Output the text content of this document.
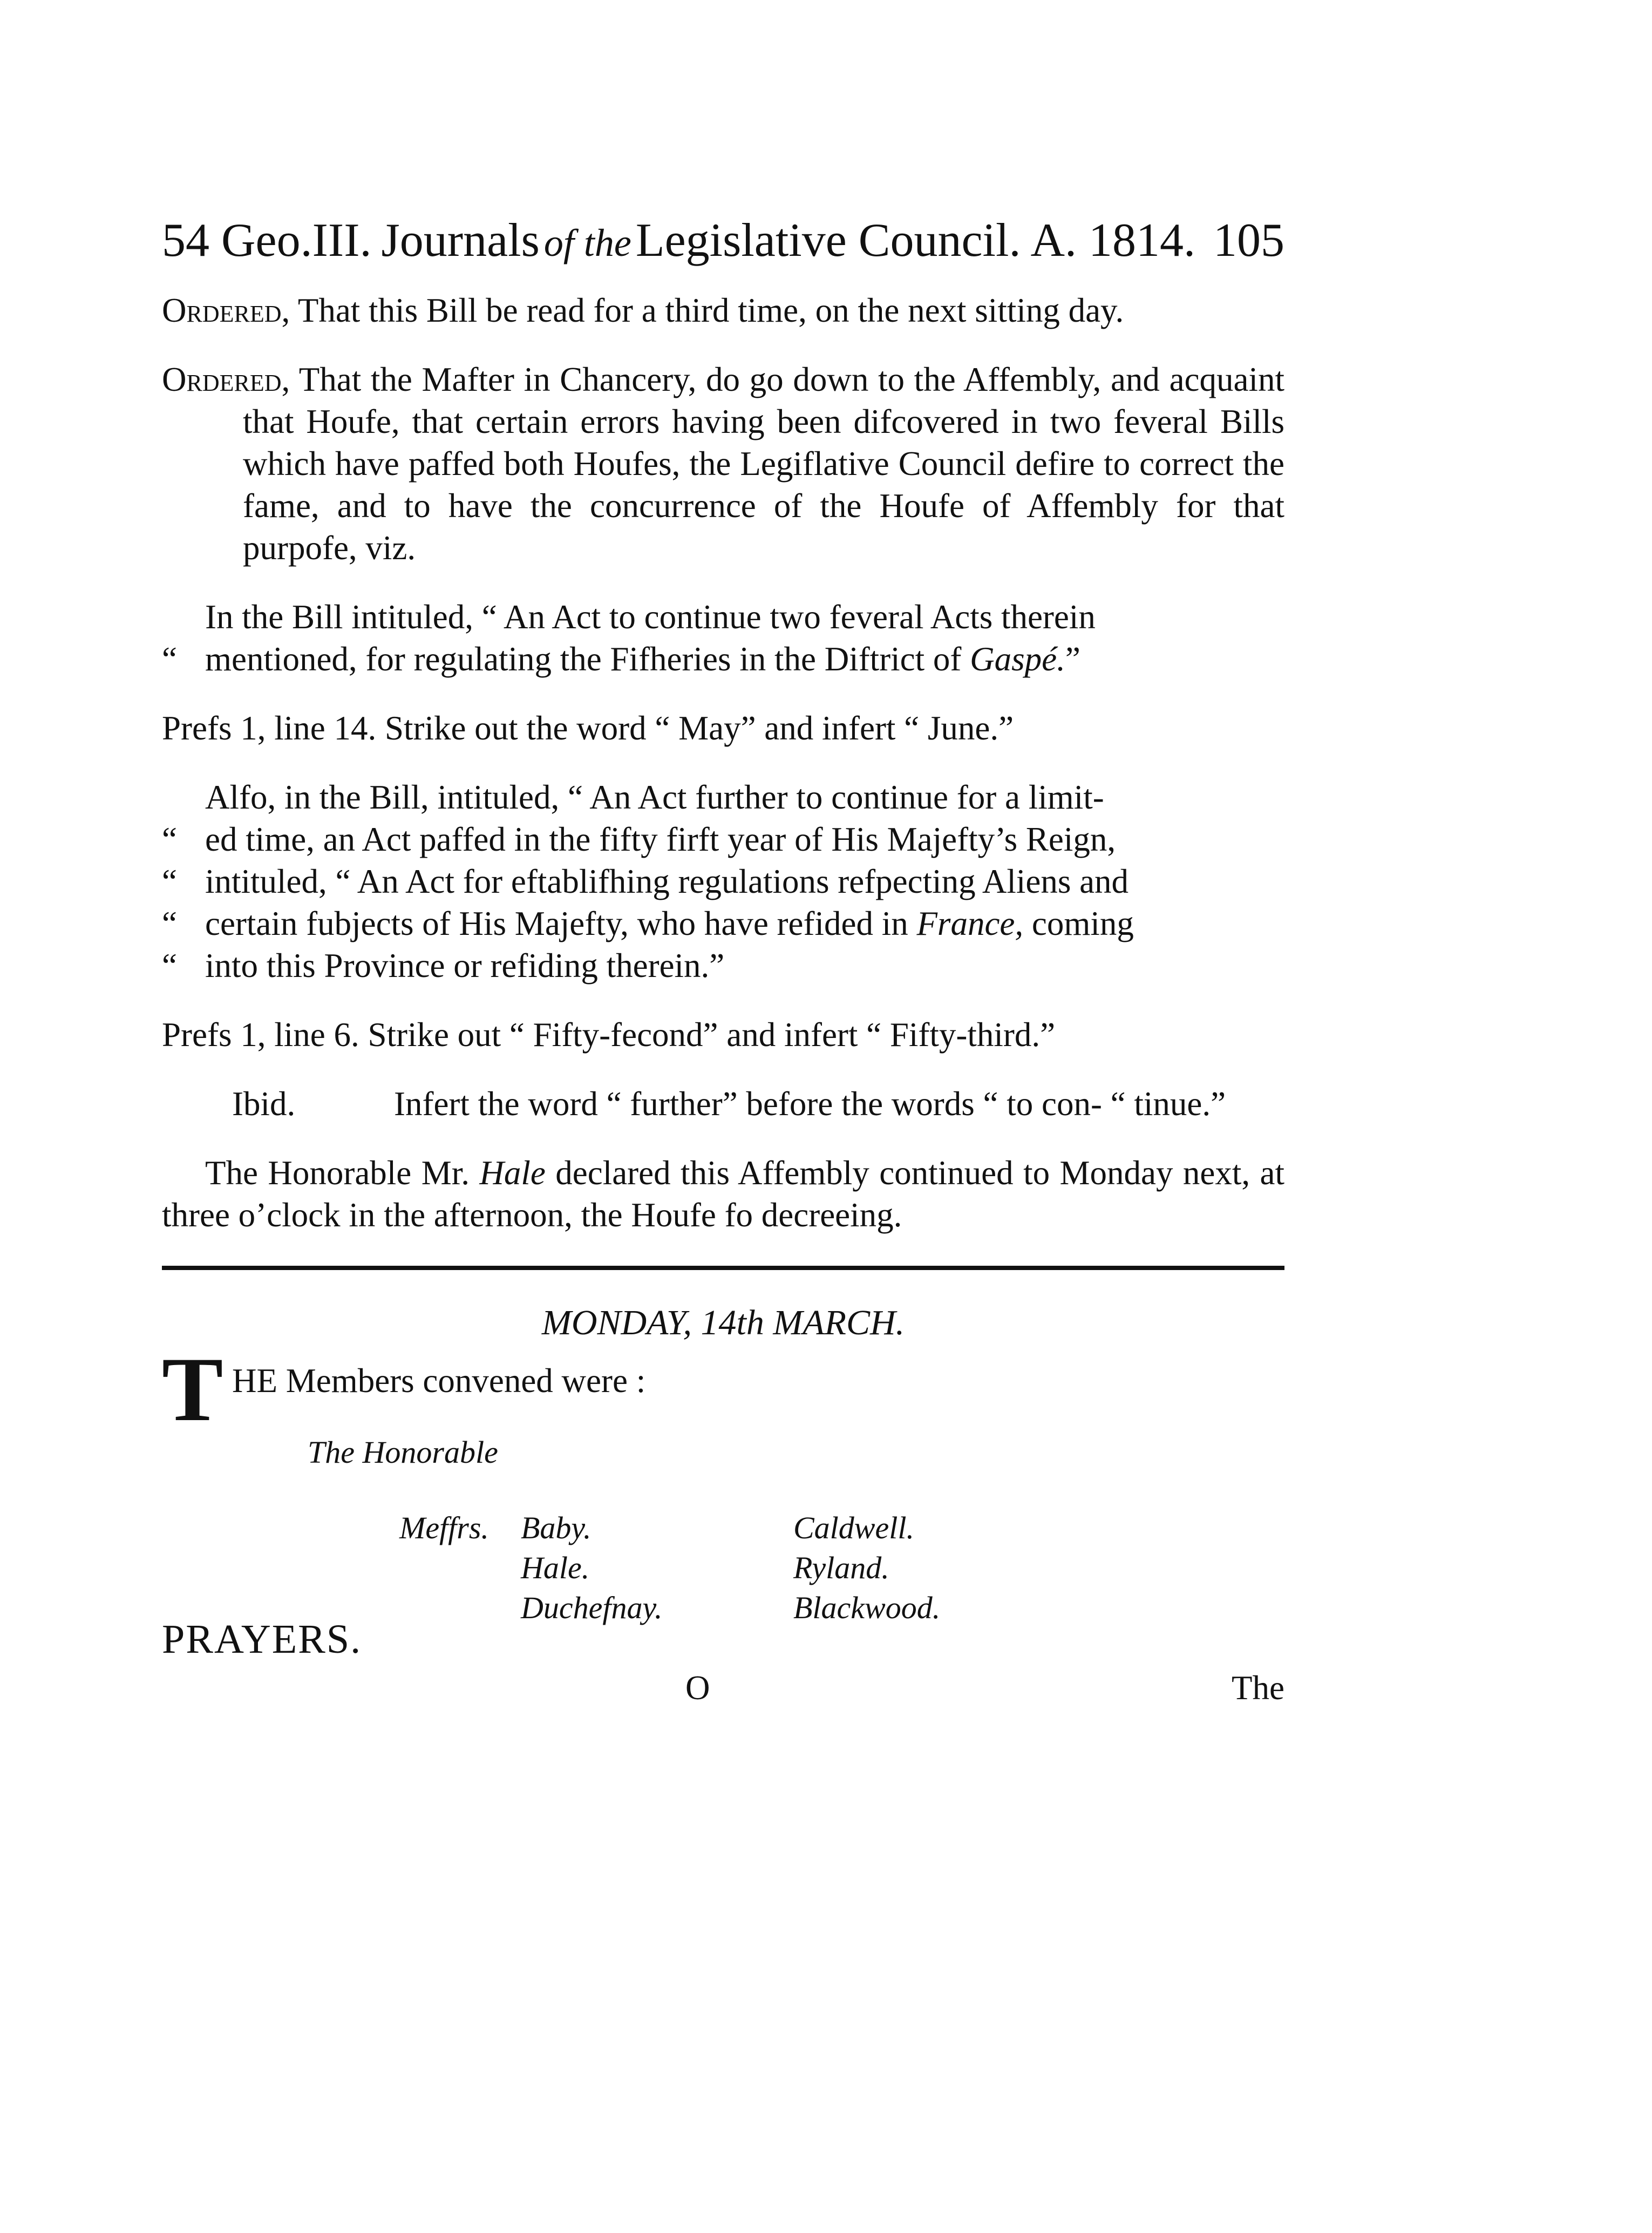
54 Geo.III. Journals of the Legislative Council. A. 1814. 105

Ordered, That this Bill be read for a third time, on the next sitting day.

Ordered, That the Mafter in Chancery, do go down to the Affembly, and acquaint that Houfe, that certain errors having been difcovered in two feveral Bills which have paffed both Houfes, the Legiflative Council defire to correct the fame, and to have the concurrence of the Houfe of Affembly for that purpofe, viz.

In the Bill intituled, “ An Act to continue two feveral Acts therein
“ mentioned, for regulating the Fifheries in the Diftrict of Gaspé.”

Prefs 1, line 14. Strike out the word “ May” and infert “ June.”

Alfo, in the Bill, intituled, “ An Act further to continue for a limit-
“ ed time, an Act paffed in the fifty firft year of His Majefty’s Reign,
“ intituled, “ An Act for eftablifhing regulations refpecting Aliens and
“ certain fubjects of His Majefty, who have refided in France, coming
“ into this Province or refiding therein.”

Prefs 1, line 6. Strike out “ Fifty-fecond” and infert “ Fifty-third.”

Ibid.	Infert the word “ further” before the words “ to con- “ tinue.”

The Honorable Mr. Hale declared this Affembly continued to Monday next, at three o’clock in the afternoon, the Houfe fo decreeing.

MONDAY, 14th MARCH.
T HE Members convened were :
The Honorable
Meffrs. Baby.
Hale.
Duchefnay.
Caldwell.
Ryland.
Blackwood.
PRAYERS.
O	The
